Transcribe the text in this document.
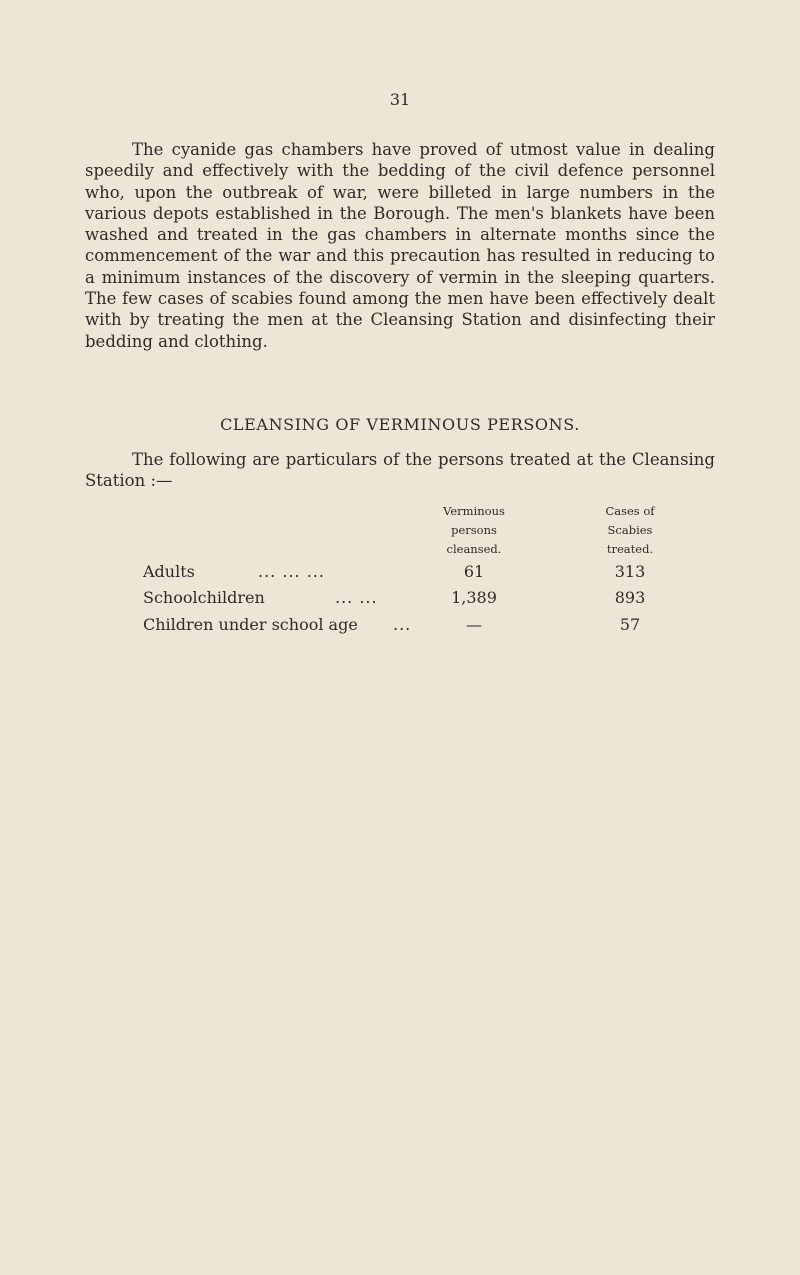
31

The cyanide gas chambers have proved of utmost value in dealing speedily and effectively with the bedding of the civil defence personnel who, upon the outbreak of war, were billeted in large numbers in the various depots established in the Borough. The men's blankets have been washed and treated in the gas chambers in alternate months since the commencement of the war and this precaution has resulted in reducing to a minimum instances of the discovery of vermin in the sleeping quarters. The few cases of scabies found among the men have been effectively dealt with by treating the men at the Cleansing Station and disinfecting their bedding and clothing.

CLEANSING OF VERMINOUS PERSONS.

The following are particulars of the persons treated at the Cleansing Station :—

Verminous
persons
cleansed.
Cases of
Scabies
treated.
Adults	... ... ...	61	313
Schoolchildren	... ...	1,389	893
Children under school age ...	—	57
